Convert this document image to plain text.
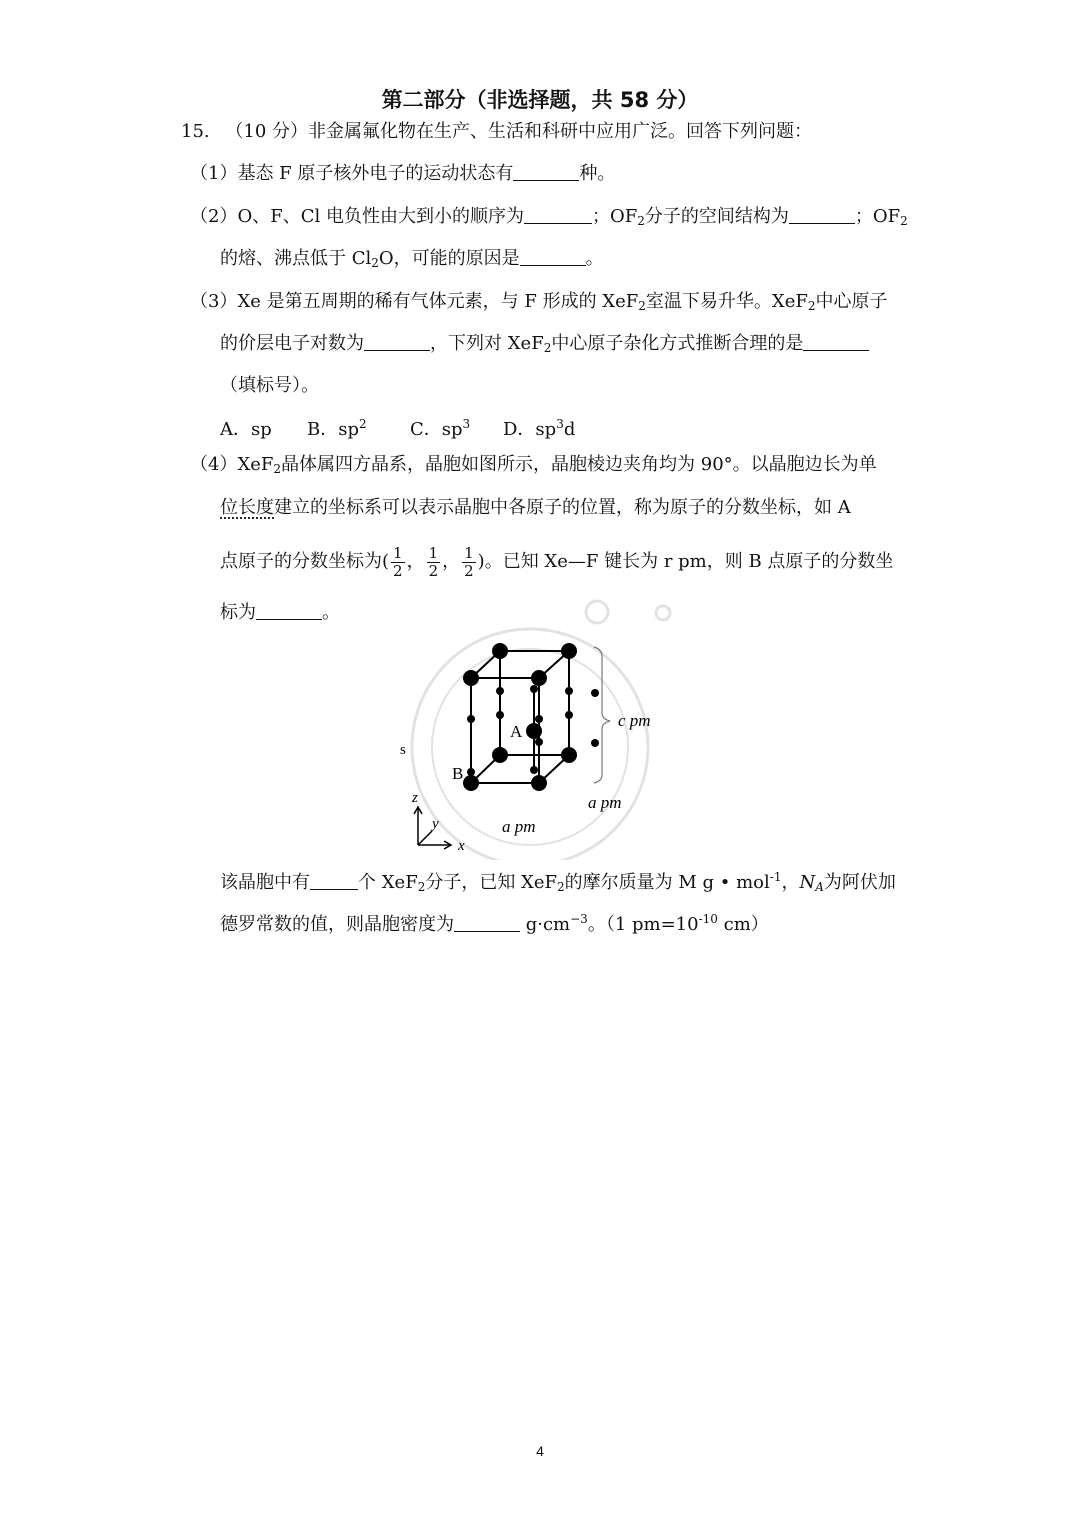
第二部分（非选择题，共 58 分）
15. （10 分）非金属氟化物在生产、生活和科研中应用广泛。回答下列问题：
（1）基态 F 原子核外电子的运动状态有	种。
（2）O、F、Cl 电负性由大到小的顺序为	；$OF_2$分子的空间结构为	；$OF_2$
的熔、沸点低于 $Cl_2O$，可能的原因是	。
（3）Xe 是第五周期的稀有气体元素，与 F 形成的 XeF$_2$室温下易升华。XeF$_2$中心原子
的价层电子对数为	，下列对 XeF$_2$中心原子杂化方式推断合理的是
（填标号）。
A．sp B．$sp^2$ C．$sp^3$ D．$sp^3d$
（4）XeF$_2$晶体属四方晶系，晶胞如图所示，晶胞棱边夹角均为 90°。以晶胞边长为单
位长度建立的坐标系可以表示晶胞中各原子的位置，称为原子的分数坐标，如 A
点原子的分数坐标为( $\frac{1}{2}$ ， $\frac{1}{2}$ ， $\frac{1}{2}$ )。已知 Xe—F 键长为 r pm，则 B 点原子的分数坐
标为	。
A
B
s
c pm
a pm
a pm
z
y
x
该晶胞中有	个 XeF$_2$分子，已知 XeF$_2$的摩尔质量为 M g • mol$^{-1}$，$N_A$为阿伏加
德罗常数的值，则晶胞密度为	$g\cdot cm^{-3}$。（1 $pm=10^{-10}$ cm）
4
